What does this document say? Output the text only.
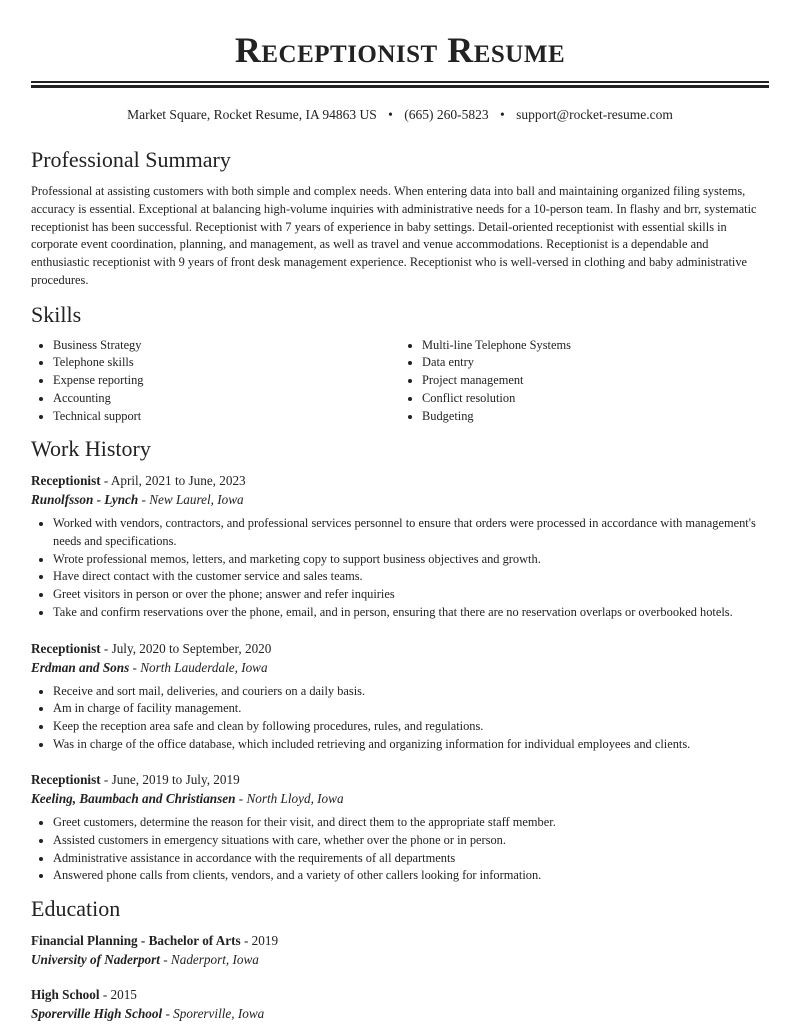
Receptionist Resume
Market Square, Rocket Resume, IA 94863 US • (665) 260-5823 • support@rocket-resume.com
Professional Summary

Professional at assisting customers with both simple and complex needs. When entering data into ball and maintaining organized filing systems, accuracy is essential. Exceptional at balancing high-volume inquiries with administrative needs for a 10-person team. In flashy and brr, systematic receptionist has been successful. Receptionist with 7 years of experience in baby settings. Detail-oriented receptionist with essential skills in corporate event coordination, planning, and management, as well as travel and venue accommodations. Receptionist is a dependable and enthusiastic receptionist with 9 years of front desk management experience. Receptionist who is well-versed in clothing and baby administrative procedures.

Skills
• Business Strategy
• Telephone skills
• Expense reporting
• Accounting
• Technical support
• Multi-line Telephone Systems
• Data entry
• Project management
• Conflict resolution
• Budgeting
Work History
Receptionist - April, 2021 to June, 2023
Runolfsson - Lynch - New Laurel, Iowa
• Worked with vendors, contractors, and professional services personnel to ensure that orders were processed in accordance with management's needs and specifications.
• Wrote professional memos, letters, and marketing copy to support business objectives and growth.
• Have direct contact with the customer service and sales teams.
• Greet visitors in person or over the phone; answer and refer inquiries
• Take and confirm reservations over the phone, email, and in person, ensuring that there are no reservation overlaps or overbooked hotels.
Receptionist - July, 2020 to September, 2020
Erdman and Sons - North Lauderdale, Iowa
• Receive and sort mail, deliveries, and couriers on a daily basis.
• Am in charge of facility management.
• Keep the reception area safe and clean by following procedures, rules, and regulations.
• Was in charge of the office database, which included retrieving and organizing information for individual employees and clients.
Receptionist - June, 2019 to July, 2019
Keeling, Baumbach and Christiansen - North Lloyd, Iowa
• Greet customers, determine the reason for their visit, and direct them to the appropriate staff member.
• Assisted customers in emergency situations with care, whether over the phone or in person.
• Administrative assistance in accordance with the requirements of all departments
• Answered phone calls from clients, vendors, and a variety of other callers looking for information.
Education
Financial Planning - Bachelor of Arts - 2019
University of Naderport - Naderport, Iowa
High School - 2015
Sporerville High School - Sporerville, Iowa
